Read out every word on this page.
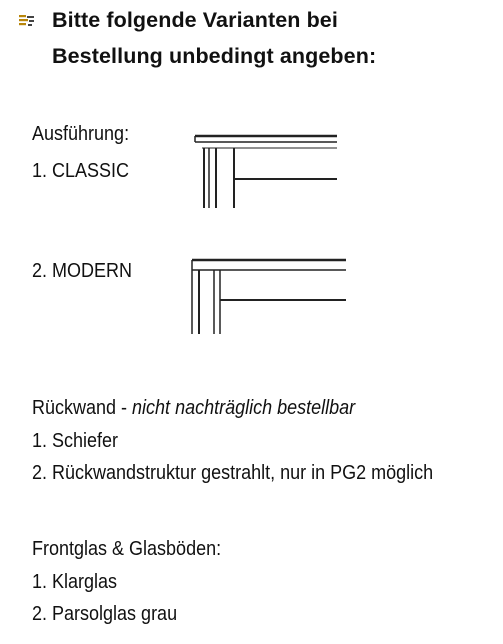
Bitte folgende Varianten bei
Bestellung unbedingt angeben:
Ausführung:
1. CLASSIC
2. MODERN
Rückwand - nicht nachträglich bestellbar
1. Schiefer
2. Rückwandstruktur gestrahlt, nur in PG2 möglich
Frontglas & Glasböden:
1. Klarglas
2. Parsolglas grau
